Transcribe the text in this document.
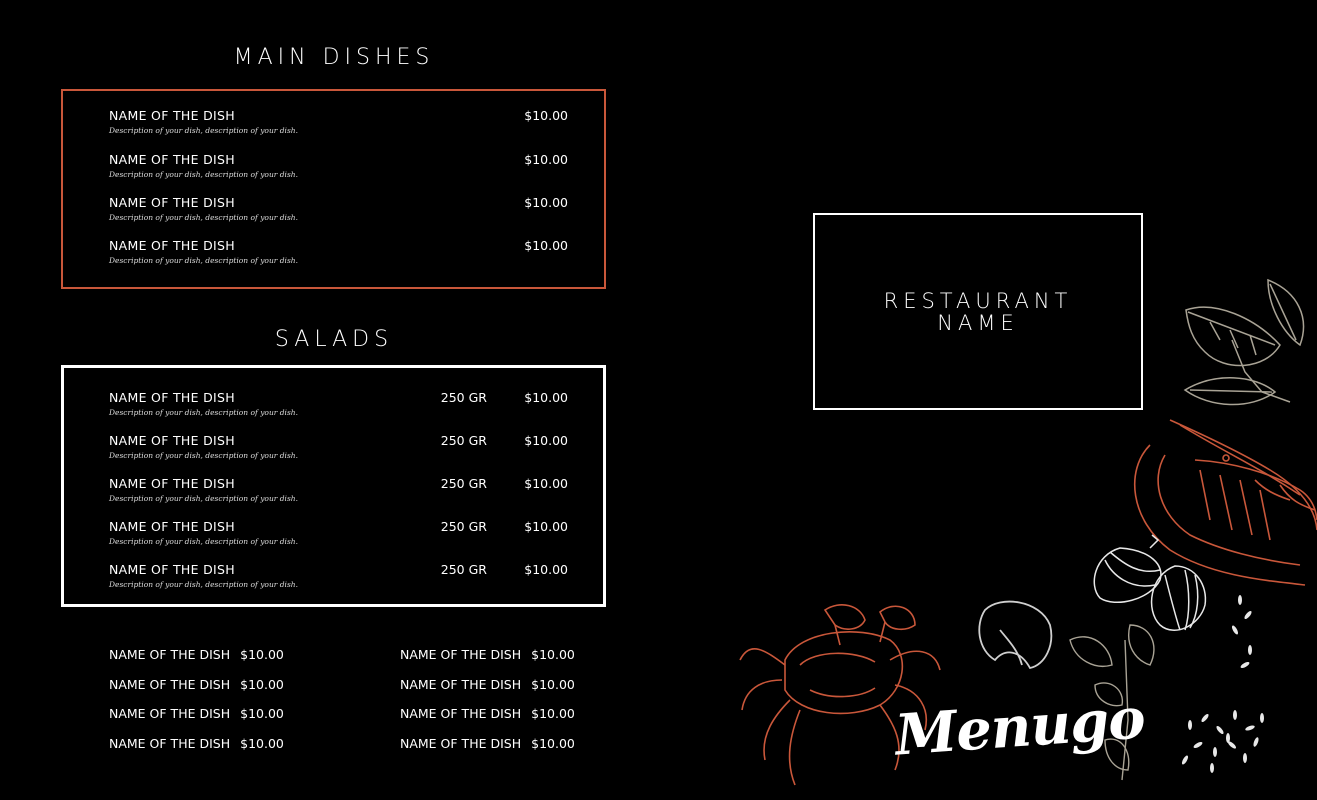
MAIN DISHES
NAME OF THE DISH
Description of your dish, description of your dish.
$10.00
NAME OF THE DISH
Description of your dish, description of your dish.
$10.00
NAME OF THE DISH
Description of your dish, description of your dish.
$10.00
NAME OF THE DISH
Description of your dish, description of your dish.
$10.00
SALADS
NAME OF THE DISH
Description of your dish, description of your dish.
250 GR	$10.00
NAME OF THE DISH
Description of your dish, description of your dish.
250 GR	$10.00
NAME OF THE DISH
Description of your dish, description of your dish.
250 GR	$10.00
NAME OF THE DISH
Description of your dish, description of your dish.
250 GR	$10.00
NAME OF THE DISH
Description of your dish, description of your dish.
250 GR	$10.00
NAME OF THE DISH $10.00
NAME OF THE DISH $10.00
NAME OF THE DISH $10.00
NAME OF THE DISH $10.00
NAME OF THE DISH $10.00
NAME OF THE DISH $10.00
NAME OF THE DISH $10.00
NAME OF THE DISH $10.00
RESTAURANT NAME
Menugo
